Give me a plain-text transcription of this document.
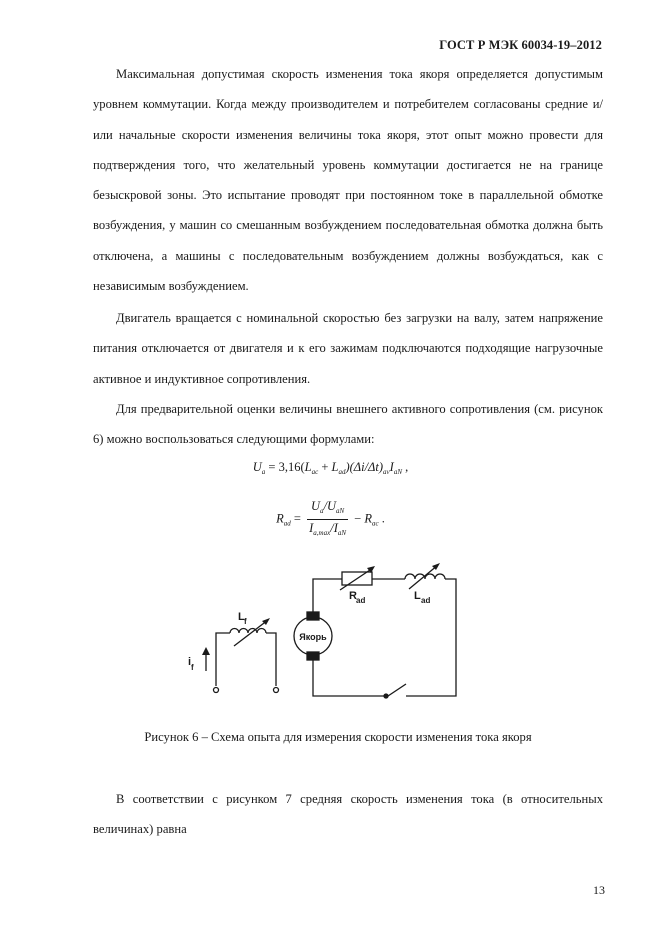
ГОСТ Р МЭК 60034-19–2012

Максимальная допустимая скорость изменения тока якоря определяется допустимым уровнем коммутации. Когда между производителем и потребителем согласованы средние и/или начальные скорости изменения величины тока якоря, этот опыт можно провести для подтверждения того, что желательный уровень коммутации достигается не на границе безыскровой зоны. Это испытание проводят при постоянном токе в параллельной обмотке возбуждения, у машин со смешанным возбуждением последовательная обмотка должна быть отключена, а машины с последовательным возбуждением должны возбуждаться, как с независимым возбуждением.

Двигатель вращается с номинальной скоростью без загрузки на валу, затем напряжение питания отключается от двигателя и к его зажимам подключаются подходящие нагрузочные активное и индуктивное сопротивления.

Для предварительной оценки величины внешнего активного сопротивления (см. рисунок 6) можно воспользоваться следующими формулами:

$U_a = 3,16(L_{ac} + L_{ad})(\Delta i/\Delta t)_{av}I_{aN}$ ,
$R_{ad} = \frac{U_a/U_{aN}}{I_{a,max}/I_{aN}} - R_{ac}$ .
Якорь
R ad	L ad
L f
i f
Рисунок 6 – Схема опыта для измерения скорости изменения тока якоря

В соответствии с рисунком 7 средняя скорость изменения тока (в относительных величинах) равна

13
